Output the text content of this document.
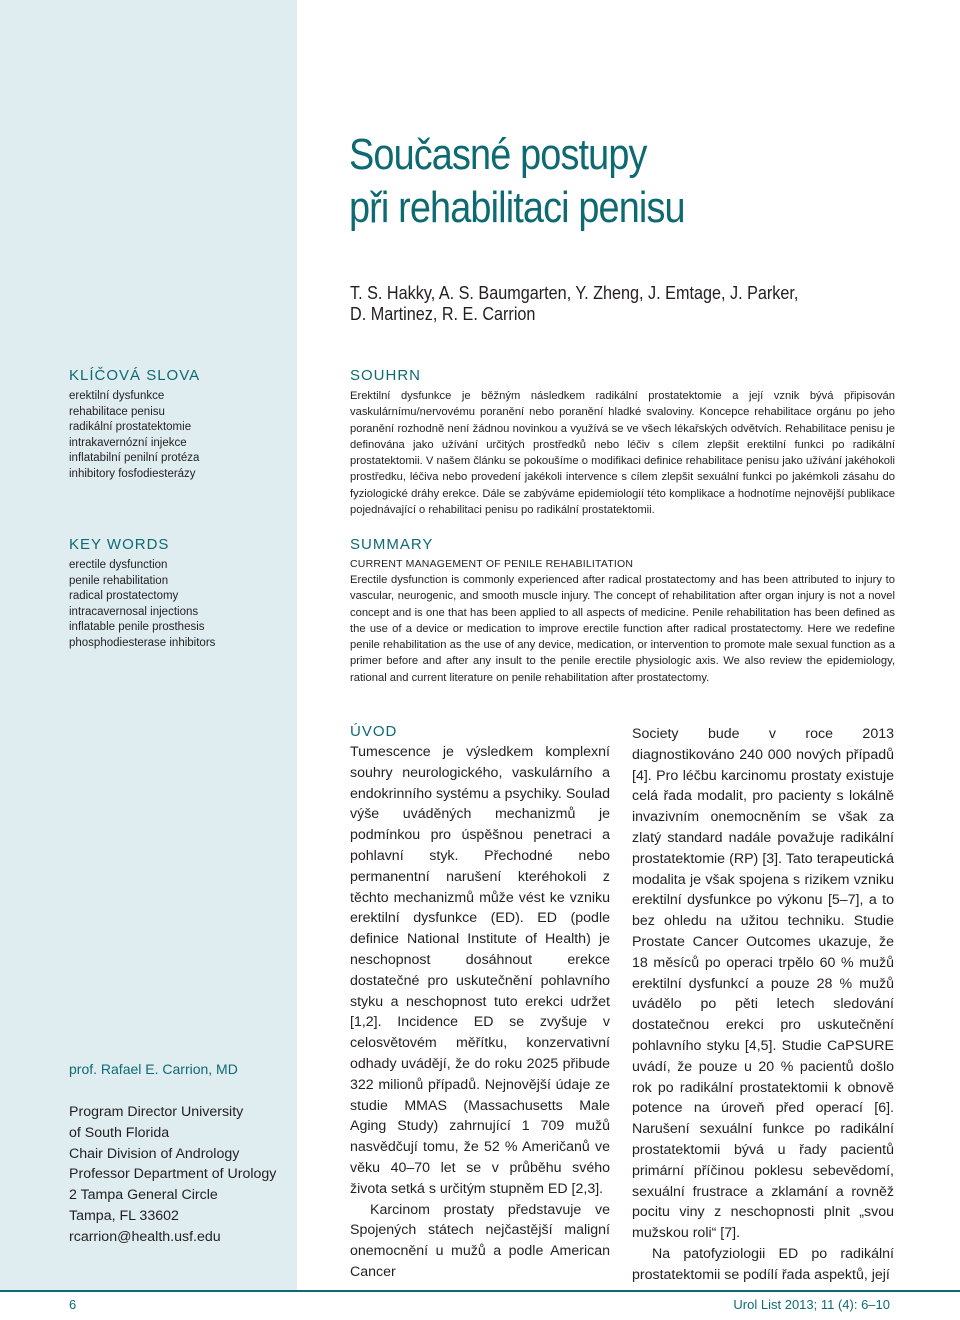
Současné postupy
při rehabilitaci penisu
T. S. Hakky, A. S. Baumgarten, Y. Zheng, J. Emtage, J. Parker,
D. Martinez, R. E. Carrion
KLÍČOVÁ SLOVA
erektilní dysfunkce
rehabilitace penisu
radikální prostatektomie
intrakavernózní injekce
inflatabilní penilní protéza
inhibitory fosfodiesterázy
KEY WORDS
erectile dysfunction
penile rehabilitation
radical prostatectomy
intracavernosal injections
inflatable penile prosthesis
phosphodiesterase inhibitors
SOUHRN
Erektilní dysfunkce je běžným následkem radikální prostatektomie a její vznik bývá připisován vaskulárnímu/nervovému poranění nebo poranění hladké svaloviny. Koncepce rehabilitace orgánu po jeho poranění rozhodně není žádnou novinkou a využívá se ve všech lékařských odvětvích. Rehabilitace penisu je definována jako užívání určitých prostředků nebo léčiv s cílem zlepšit erektilní funkci po radikální prostatektomii. V našem článku se pokoušíme o modifikaci definice rehabilitace penisu jako užívání jakéhokoli prostředku, léčiva nebo provedení jakékoli intervence s cílem zlepšit sexuální funkci po jakémkoli zásahu do fyziologické dráhy erekce. Dále se zabýváme epidemiologií této komplikace a hodnotíme nejnovější publikace pojednávající o rehabilitaci penisu po radikální prostatektomii.
SUMMARY
CURRENT MANAGEMENT OF PENILE REHABILITATION
Erectile dysfunction is commonly experienced after radical prostatectomy and has been attributed to injury to vascular, neurogenic, and smooth muscle injury. The concept of rehabilitation after organ injury is not a novel concept and is one that has been applied to all aspects of medicine. Penile rehabilitation has been defined as the use of a device or medication to improve erectile function after radical prostatectomy. Here we redefine penile rehabilitation as the use of any device, medication, or intervention to promote male sexual function as a primer before and after any insult to the penile erectile physiologic axis. We also review the epidemiology, rational and current literature on penile rehabilitation after prostatectomy.
ÚVOD

Tumescence je výsledkem komplexní souhry neurologického, vaskulárního a endokrinního systému a psychiky. Soulad výše uváděných mechanizmů je podmínkou pro úspěšnou penetraci a pohlavní styk. Přechodné nebo permanentní narušení kteréhokoli z těchto mechanizmů může vést ke vzniku erektilní dysfunkce (ED). ED (podle definice National Institute of Health) je neschopnost dosáhnout erekce dostatečné pro uskutečnění pohlavního styku a neschopnost tuto erekci udržet [1,2]. Incidence ED se zvyšuje v celosvětovém měřítku, konzervativní odhady uvádějí, že do roku 2025 přibude 322 milionů případů. Nejnovější údaje ze studie MMAS (Massachusetts Male Aging Study) zahrnující 1 709 mužů nasvědčují tomu, že 52 % Američanů ve věku 40–70 let se v průběhu svého života setká s určitým stupněm ED [2,3].

Karcinom prostaty představuje ve Spojených státech nejčastější maligní onemocnění u mužů a podle American Cancer

Society bude v roce 2013 diagnostikováno 240 000 nových případů [4]. Pro léčbu karcinomu prostaty existuje celá řada modalit, pro pacienty s lokálně invazivním onemocněním se však za zlatý standard nadále považuje radikální prostatektomie (RP) [3]. Tato terapeutická modalita je však spojena s rizikem vzniku erektilní dysfunkce po výkonu [5–7], a to bez ohledu na užitou techniku. Studie Prostate Cancer Outcomes ukazuje, že 18 měsíců po operaci trpělo 60 % mužů erektilní dysfunkcí a pouze 28 % mužů uvádělo po pěti letech sledování dostatečnou erekci pro uskutečnění pohlavního styku [4,5]. Studie CaPSURE uvádí, že pouze u 20 % pacientů došlo rok po radikální prostatektomii k obnově potence na úroveň před operací [6]. Narušení sexuální funkce po radikální prostatektomii bývá u řady pacientů primární příčinou poklesu sebevědomí, sexuální frustrace a zklamání a rovněž pocitu viny z neschopnosti plnit „svou mužskou roli“ [7].

Na patofyziologii ED po radikální prostatektomii se podílí řada aspektů, její

prof. Rafael E. Carrion, MD
Program Director University
of South Florida
Chair Division of Andrology
Professor Department of Urology
2 Tampa General Circle
Tampa, FL 33602
rcarrion@health.usf.edu
6	Urol List 2013; 11 (4): 6–10
